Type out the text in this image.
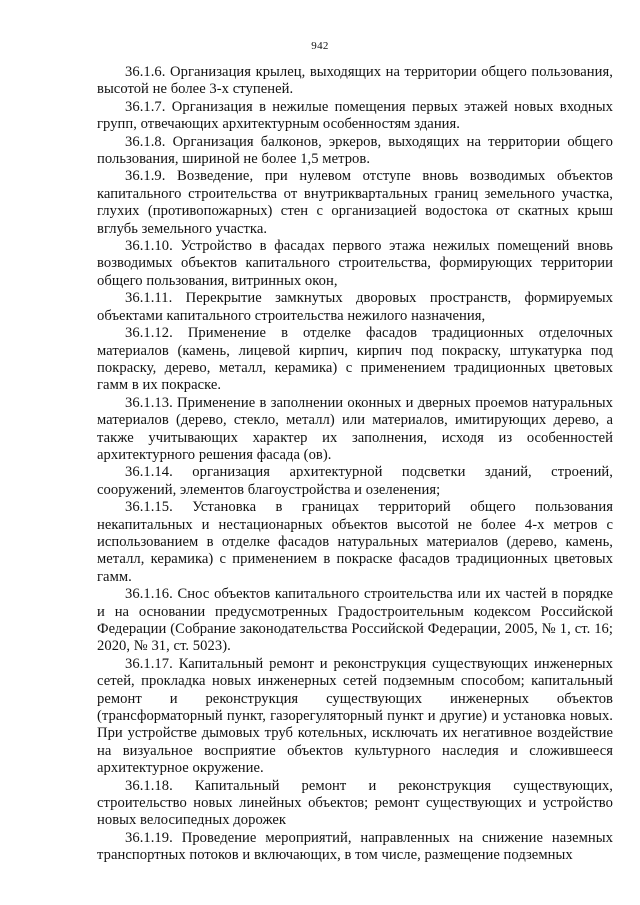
942

36.1.6. Организация крылец, выходящих на территории общего пользования, высотой не более 3-х ступеней.

36.1.7. Организация в нежилые помещения первых этажей новых входных групп, отвечающих архитектурным особенностям здания.

36.1.8. Организация балконов, эркеров, выходящих на территории общего пользования, шириной не более 1,5 метров.

36.1.9. Возведение, при нулевом отступе вновь возводимых объектов капитального строительства от внутриквартальных границ земельного участка, глухих (противопожарных) стен с организацией водостока от скатных крыш вглубь земельного участка.

36.1.10. Устройство в фасадах первого этажа нежилых помещений вновь возводимых объектов капитального строительства, формирующих территории общего пользования, витринных окон,

36.1.11. Перекрытие замкнутых дворовых пространств, формируемых объектами капитального строительства нежилого назначения,

36.1.12. Применение в отделке фасадов традиционных отделочных материалов (камень, лицевой кирпич, кирпич под покраску, штукатурка под покраску, дерево, металл, керамика) с применением традиционных цветовых гамм в их покраске.

36.1.13. Применение в заполнении оконных и дверных проемов натуральных материалов (дерево, стекло, металл) или материалов, имитирующих дерево, а также учитывающих характер их заполнения, исходя из особенностей архитектурного решения фасада (ов).

36.1.14. организация архитектурной подсветки зданий, строений, сооружений, элементов благоустройства и озеленения;

36.1.15. Установка в границах территорий общего пользования некапитальных и нестационарных объектов высотой не более 4-х метров с использованием в отделке фасадов натуральных материалов (дерево, камень, металл, керамика) с применением в покраске фасадов традиционных цветовых гамм.

36.1.16. Снос объектов капитального строительства или их частей в порядке и на основании предусмотренных Градостроительным кодексом Российской Федерации (Собрание законодательства Российской Федерации, 2005, № 1, ст. 16; 2020, № 31, ст. 5023).

36.1.17. Капитальный ремонт и реконструкция существующих инженерных сетей, прокладка новых инженерных сетей подземным способом; капитальный ремонт и реконструкция существующих инженерных объектов (трансформаторный пункт, газорегуляторный пункт и другие) и установка новых. При устройстве дымовых труб котельных, исключать их негативное воздействие на визуальное восприятие объектов культурного наследия и сложившееся архитектурное окружение.

36.1.18. Капитальный ремонт и реконструкция существующих, строительство новых линейных объектов; ремонт существующих и устройство новых велосипедных дорожек

36.1.19. Проведение мероприятий, направленных на снижение наземных транспортных потоков и включающих, в том числе, размещение подземных
